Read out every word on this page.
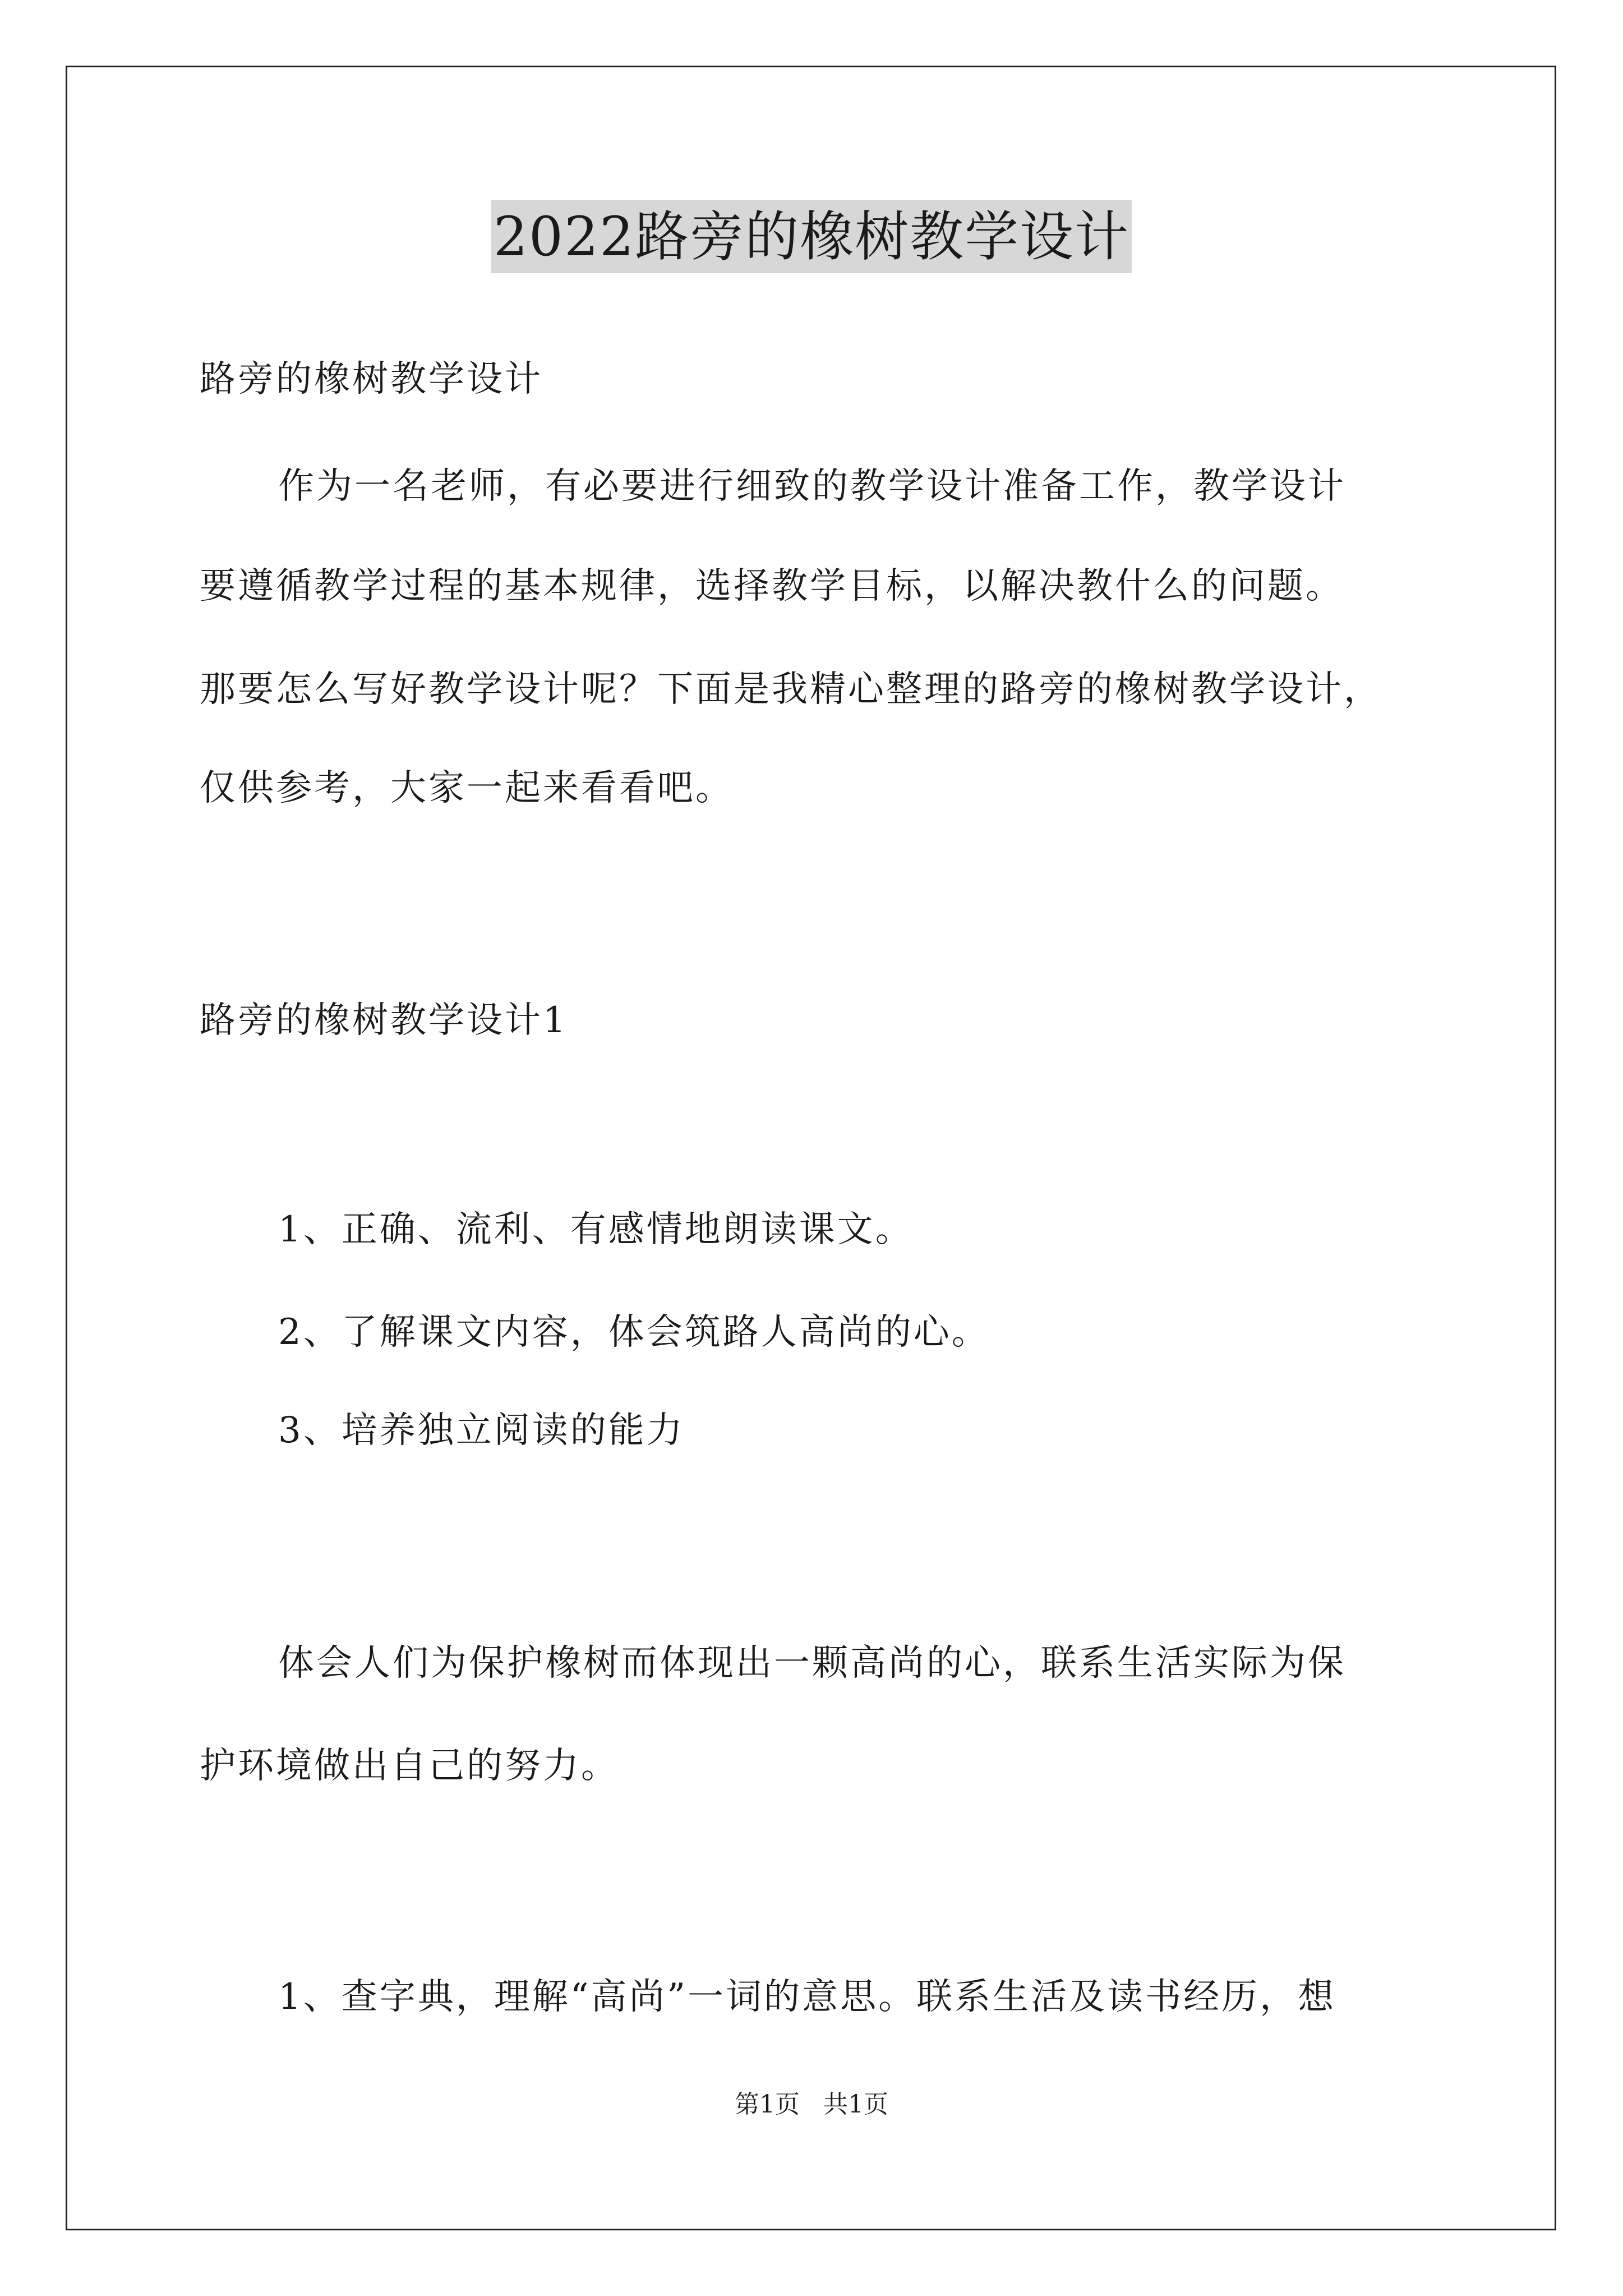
2022路旁的橡树教学设计
路旁的橡树教学设计
作为一名老师，有必要进行细致的教学设计准备工作，教学设计
要遵循教学过程的基本规律，选择教学目标，以解决教什么的问题。
那要怎么写好教学设计呢？下面是我精心整理的路旁的橡树教学设计，
仅供参考，大家一起来看看吧。
路旁的橡树教学设计1
1、正确、流利、有感情地朗读课文。
2、了解课文内容，体会筑路人高尚的心。
3、培养独立阅读的能力
体会人们为保护橡树而体现出一颗高尚的心，联系生活实际为保
护环境做出自己的努力。
1、查字典，理解“高尚”一词的意思。联系生活及读书经历，想
第1页   共1页
